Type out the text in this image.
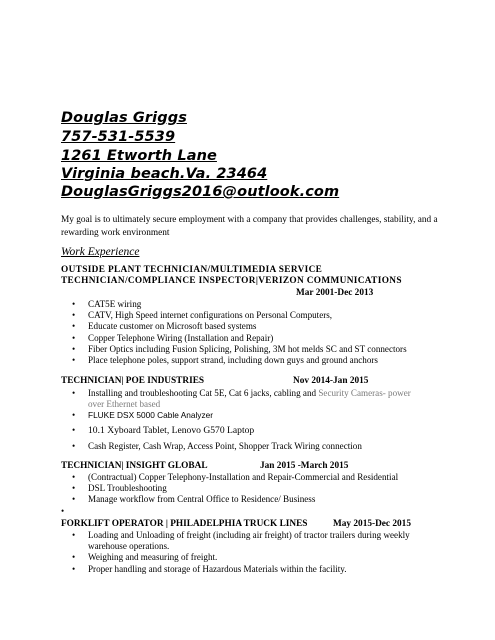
Douglas Griggs
757-531-5539
1261 Etworth Lane
Virginia beach.Va. 23464
DouglasGriggs2016@outlook.com
My goal is to ultimately secure employment with a company that provides challenges, stability, and a rewarding work environment
Work Experience
OUTSIDE PLANT TECHNICIAN/MULTIMEDIA SERVICE
TECHNICIAN/COMPLIANCE INSPECTOR|VERIZON COMMUNICATIONS
Mar 2001-Dec 2013
• CAT5E wiring
• CATV, High Speed internet configurations on Personal Computers,
• Educate customer on Microsoft based systems
• Copper Telephone Wiring (Installation and Repair)
• Fiber Optics including Fusion Splicing, Polishing, 3M hot melds SC and ST connectors
• Place telephone poles, support strand, including down guys and ground anchors
TECHNICIAN| POE INDUSTRIES	Nov 2014-Jan 2015
• Installing and troubleshooting Cat 5E, Cat 6 jacks, cabling and Security Cameras- power
over Ethernet based
• FLUKE DSX 5000 Cable Analyzer
• 10.1 Xyboard Tablet, Lenovo G570 Laptop
• Cash Register, Cash Wrap, Access Point, Shopper Track Wiring connection
TECHNICIAN| INSIGHT GLOBAL	Jan 2015 -March 2015
• (Contractual) Copper Telephony-Installation and Repair-Commercial and Residential
• DSL Troubleshooting
• Manage workflow from Central Office to Residence/ Business
•
FORKLIFT OPERATOR | PHILADELPHIA TRUCK LINES	May 2015-Dec 2015
• Loading and Unloading of freight (including air freight) of tractor trailers during weekly
warehouse operations.
• Weighing and measuring of freight.
• Proper handling and storage of Hazardous Materials within the facility.
